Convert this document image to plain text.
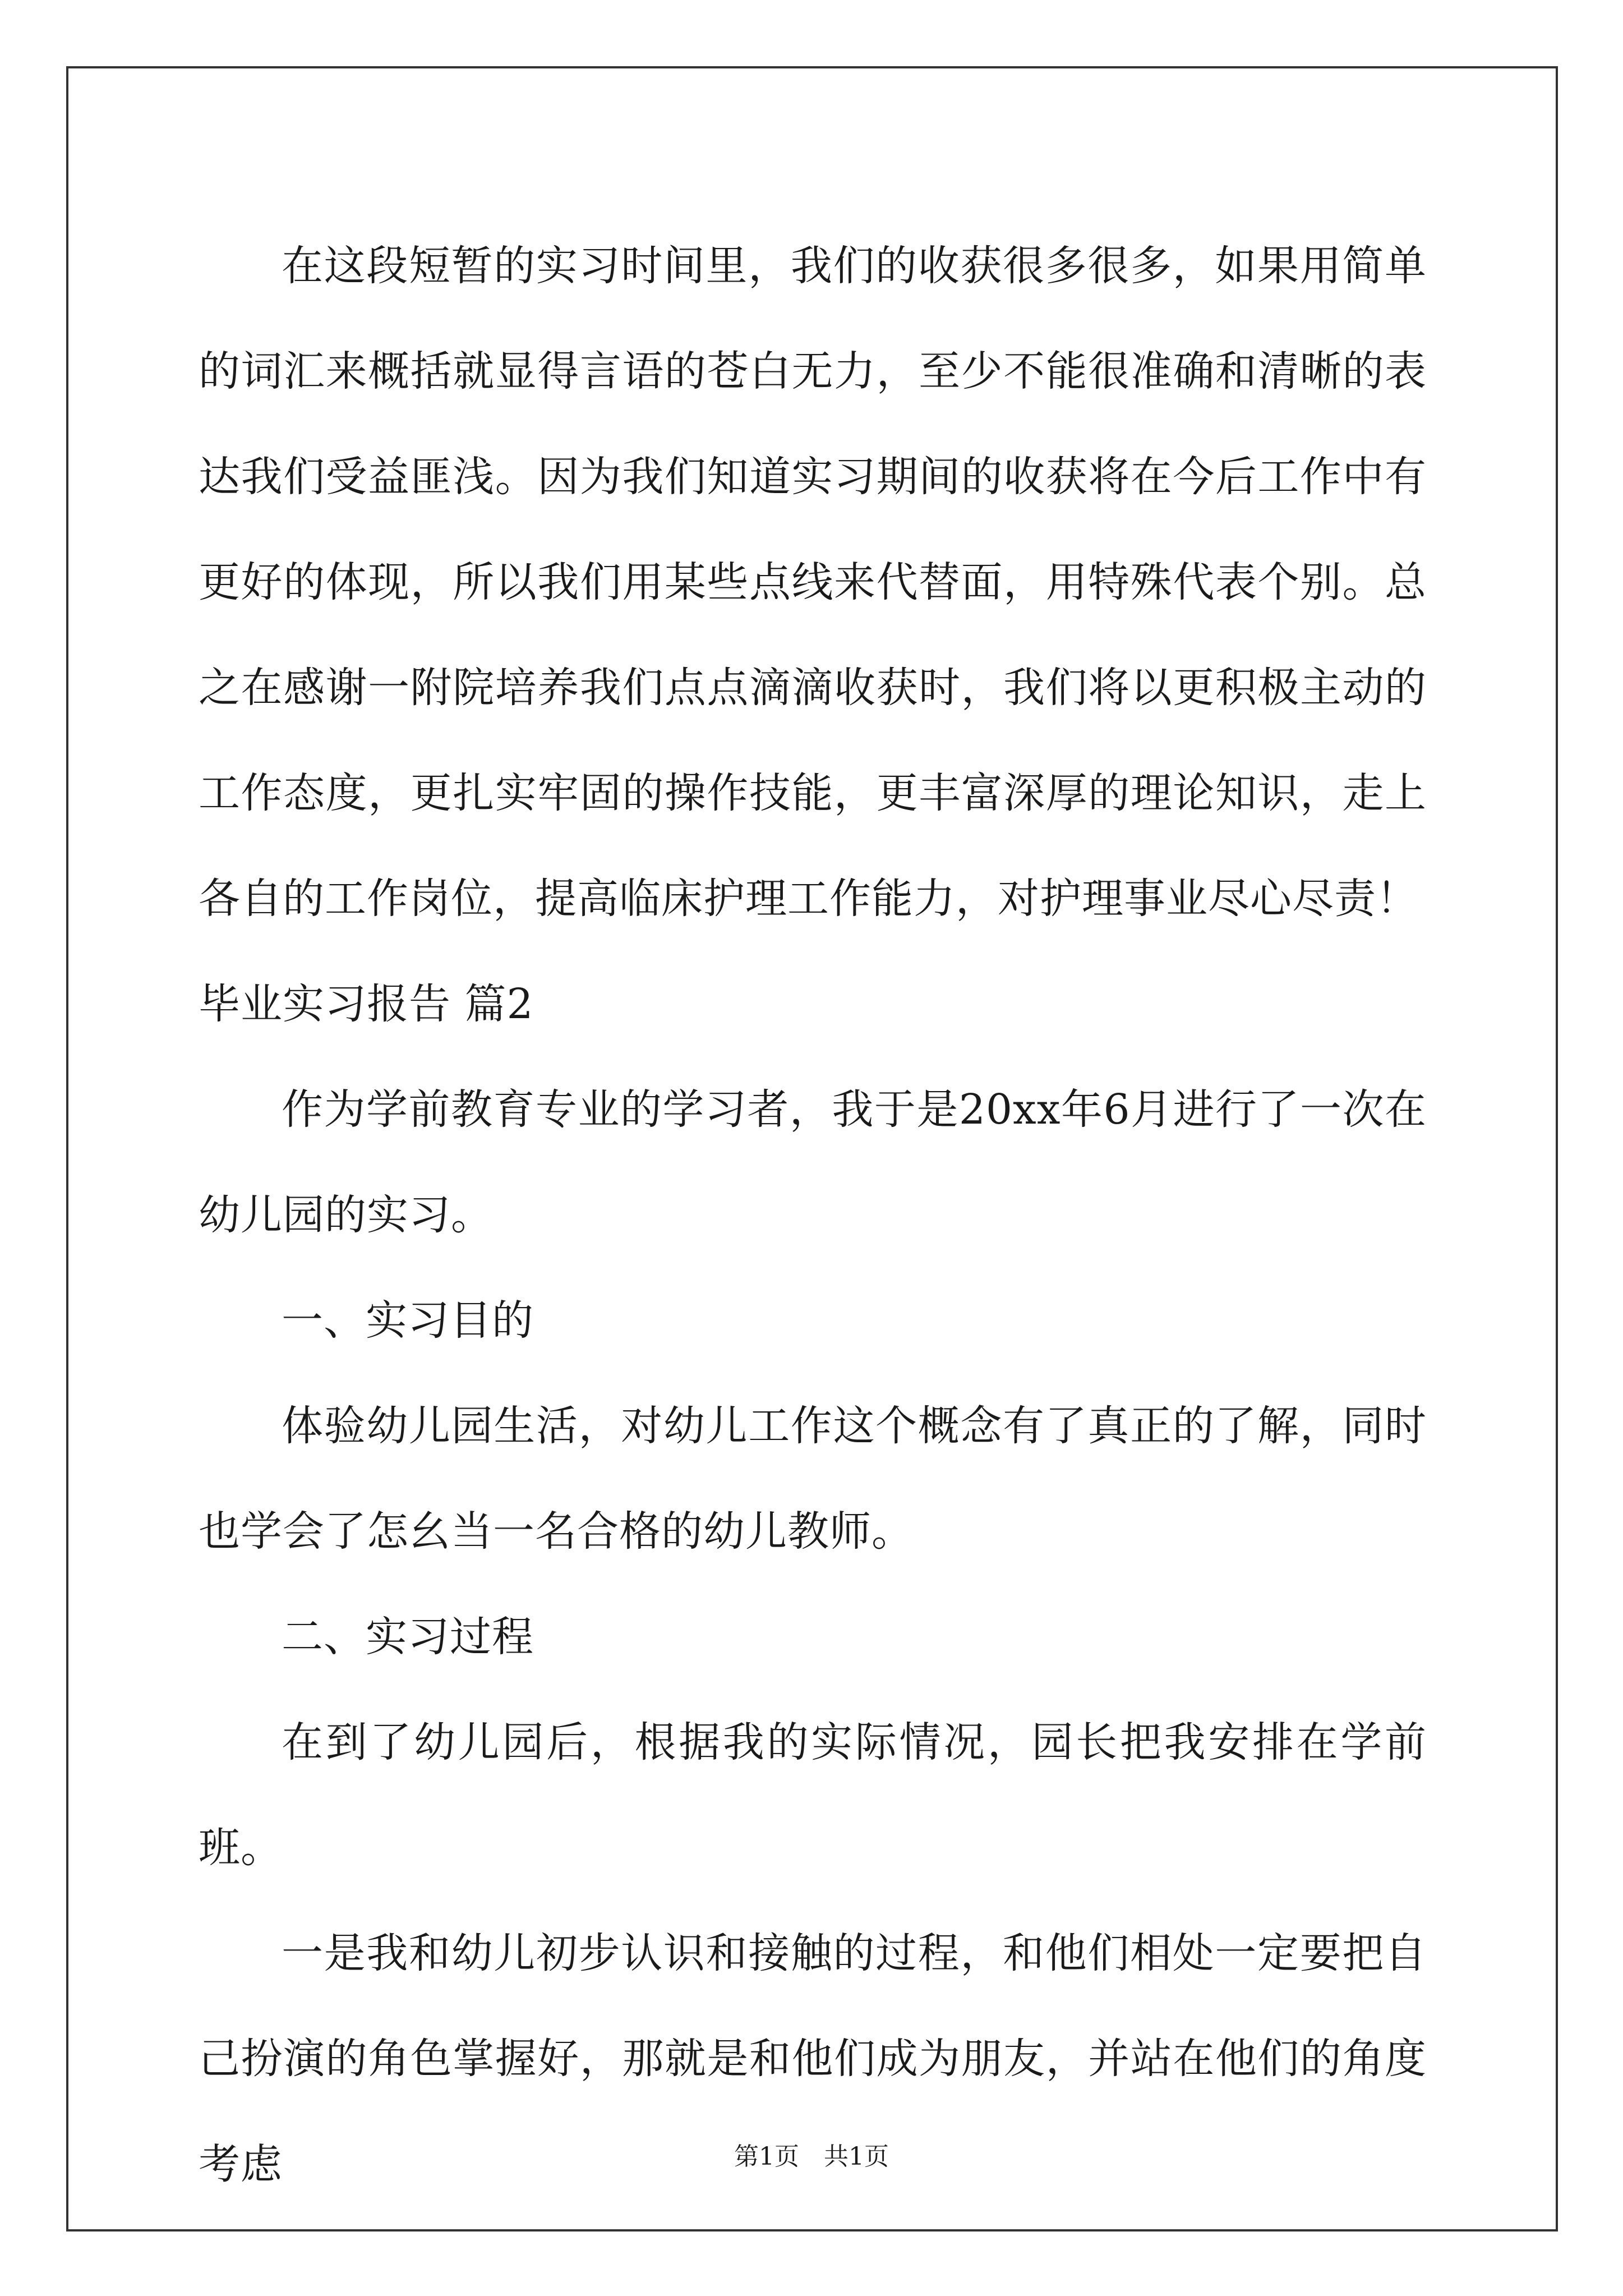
在这段短暂的实习时间里，我们的收获很多很多，如果用简单的词汇来概括就显得言语的苍白无力，至少不能很准确和清晰的表达我们受益匪浅。因为我们知道实习期间的收获将在今后工作中有更好的体现，所以我们用某些点线来代替面，用特殊代表个别。总之在感谢一附院培养我们点点滴滴收获时，我们将以更积极主动的工作态度，更扎实牢固的操作技能，更丰富深厚的理论知识，走上各自的工作岗位，提高临床护理工作能力，对护理事业尽心尽责！

毕业实习报告 篇2

作为学前教育专业的学习者，我于是20xx年6月进行了一次在幼儿园的实习。

一、实习目的

体验幼儿园生活，对幼儿工作这个概念有了真正的了解，同时也学会了怎幺当一名合格的幼儿教师。

二、实习过程

在到了幼儿园后，根据我的实际情况，园长把我安排在学前班。

一是我和幼儿初步认识和接触的过程，和他们相处一定要把自己扮演的角色掌握好，那就是和他们成为朋友，并站在他们的角度考虑	第1页 共1页
